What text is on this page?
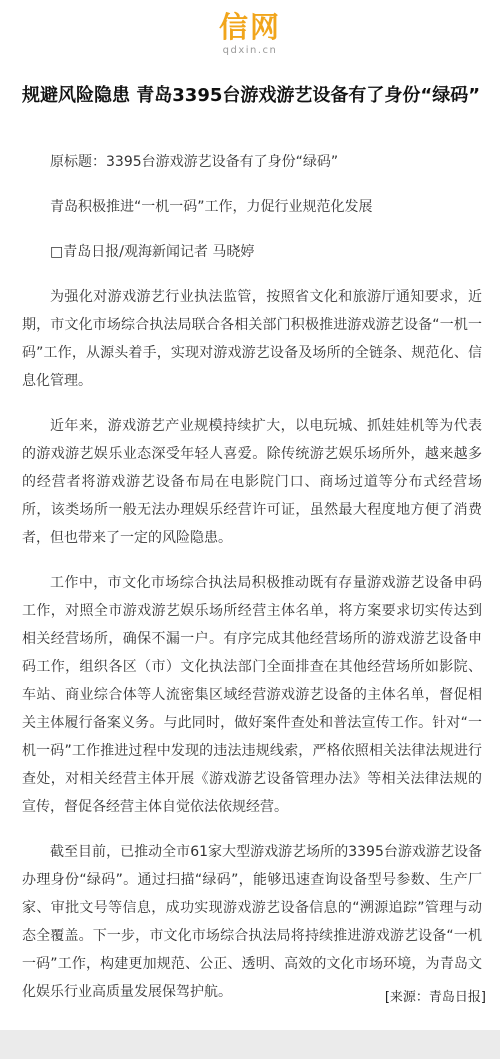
信网
qdxin.cn
规避风险隐患 青岛3395台游戏游艺设备有了身份“绿码”

原标题：3395台游戏游艺设备有了身份“绿码”

青岛积极推进“一机一码”工作，力促行业规范化发展

□青岛日报/观海新闻记者 马晓婷

为强化对游戏游艺行业执法监管，按照省文化和旅游厅通知要求，近期，市文化市场综合执法局联合各相关部门积极推进游戏游艺设备“一机一码”工作，从源头着手，实现对游戏游艺设备及场所的全链条、规范化、信息化管理。

近年来，游戏游艺产业规模持续扩大，以电玩城、抓娃娃机等为代表的游戏游艺娱乐业态深受年轻人喜爱。除传统游艺娱乐场所外，越来越多的经营者将游戏游艺设备布局在电影院门口、商场过道等分布式经营场所，该类场所一般无法办理娱乐经营许可证，虽然最大程度地方便了消费者，但也带来了一定的风险隐患。

工作中，市文化市场综合执法局积极推动既有存量游戏游艺设备申码工作，对照全市游戏游艺娱乐场所经营主体名单，将方案要求切实传达到相关经营场所，确保不漏一户。有序完成其他经营场所的游戏游艺设备申码工作，组织各区（市）文化执法部门全面排查在其他经营场所如影院、车站、商业综合体等人流密集区域经营游戏游艺设备的主体名单，督促相关主体履行备案义务。与此同时，做好案件查处和普法宣传工作。针对“一机一码”工作推进过程中发现的违法违规线索，严格依照相关法律法规进行查处，对相关经营主体开展《游戏游艺设备管理办法》等相关法律法规的宣传，督促各经营主体自觉依法依规经营。

截至目前，已推动全市61家大型游戏游艺场所的3395台游戏游艺设备办理身份“绿码”。通过扫描“绿码”，能够迅速查询设备型号参数、生产厂家、审批文号等信息，成功实现游戏游艺设备信息的“溯源追踪”管理与动态全覆盖。下一步，市文化市场综合执法局将持续推进游戏游艺设备“一机一码”工作，构建更加规范、公正、透明、高效的文化市场环境，为青岛文化娱乐行业高质量发展保驾护航。	[来源：青岛日报]
